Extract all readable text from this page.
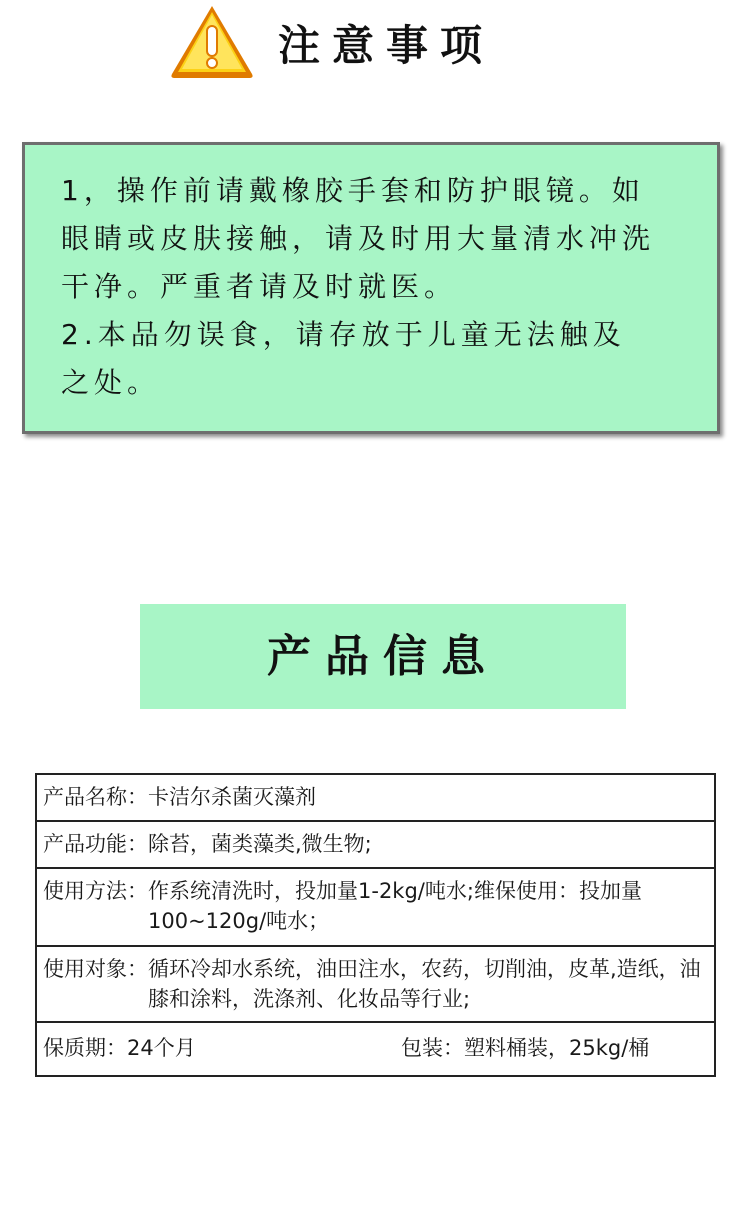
注意事项
1，操作前请戴橡胶手套和防护眼镜。如
眼睛或皮肤接触，请及时用大量清水冲洗
干净。严重者请及时就医。
2.本品勿误食，请存放于儿童无法触及
之处。
产品信息
产品名称： 卡洁尔杀菌灭藻剂
产品功能： 除苔，菌类藻类,微生物;
使用方法： 作系统清洗时，投加量1-2kg/吨水;维保使用：投加量100~120g/吨水；
使用对象： 循环冷却水系统，油田注水，农药，切削油，皮革,造纸，油膝和涂料，洗涤剂、化妆品等行业;
保质期： 24个月	包装：塑料桶装，25kg/桶
